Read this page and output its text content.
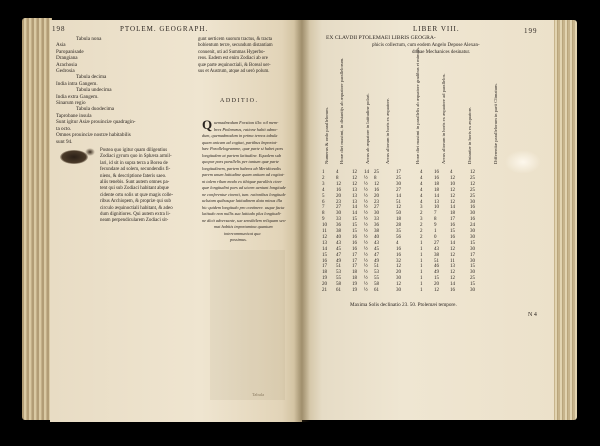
198	PTOLEM. GEOGRAPH.
Tabula nona
Asia
Paropanisade
Drangiana
Arachosia
Gedrosia
Tabula decima
India intra Gangem.
Tabula undecima
India extra Gangem.
Sinarum regio
Tabula duodecima
Taprobane insula
Sunt igitur Asiæ prouinciæ quadragin-
ta octo.
Omnes prouinciæ nostræ habitabilis
sunt 94.
Postea quo igitur quam diligentius
Zodiaci gyrum quo in Sphæra armil-
lari, id sit in supra terra a Borea de
fecundare ad solem, secundendis fi-
niens, & descriptione fateris saeo.
aliis tenebis. Sunt autem omnes pa-
tent qui sub Zodiaci habitant abque
cidente ortu solis ut quæ magis colle-
ribus Archiopem, & propriæ qui sub
circulo æquinoctiali habitant, & adeo
dum dignitiores. Qui autem extra li-
neam perpendicularem Zodiaci sit-
gunt uerticem suorum tractus, & tracta
bobientum terræ, secundum distantiam
conuenit, uti ad Summas Hyperbo-
reos. Eadem est enim Zodiaci ab ore
quæ parte æquinoctiali, & Boreal uer-
sus et Austrum, atque ad uerò polum.
ADDITIO.
Q uemadmodum Forsitan illa: nil mem-
bres Ptolemæus, ratione habit admo-
dum, quemadmodum in prima ternos tabula
quam unicam ad cogitat, partibus lmportat-
hæc Parallelogramme, quæ parte si habet pars
longitudem at partem latitudine. Equalem sub
quopur pars parallelis per tantum quæ parte
longitudinem, partem habens ab Meridionalis
parem unum latitudine quam unitam ad cogitat-
nt talem rilum modo ex tibiquæ paralleis cinn-
quæ longitudini pars ad uicem ueniunt longitude
ne conferentur cinenti, tum. rationibus longitude
uclutam quibusque latitudinem data minus illa
hic quidem longitudo pro continere. usque facta
latitudo non nullis sua latitudo plus longitudi-
ne dicit adversante, sue sensibilem reliquam sex-
mat habitis importamina quantum
intercommunicat qua
possimus.
Tabula
LIBER VIII.	199
EX CLAVDII PTOLEMAEI LIBRIS GEOGRA-
phicis collectum, cum eodem Angelo Depose Alexan-
drinae Mechanices desinatur.
Numerus & ordo parallelorum. Horæ diei maximi, in distantijs ab æquatore parallelorum.	Arcus ab æquatore in latitudine polari.	Arcus aliorum in horis ex æquatore.	Horæ diei maximi in parallelis ab æquatore gradibus et minutis.	Arcus aliorum in horis ex æquatore ad parallelos.	Distantiæ in horis ex æquatore.	Differentiæ parallelorum in parti Climatum.
1 4	12 14 25	17	4 16 4	12
2 8	12 ½ 8	25	4 16 12	25
3 12 12 ½ 12	30	4 18 10	12
4 16 13 ½ 16	27	4 18 12	25
5 20 13 ½ 20	14	4 14 12	25
6 23 13 ½ 23	51	4 13 12	30
7 27 14 ½ 27	12	3 10 14	16
8 30 14 ½ 30	50	2 7	18	30
9 33 15 ½ 33	18	3 8	17	16
10 36 15 ½ 36	28	2 9	16	24
11 38 15 ½ 38	35	2 1	15	30
12 40 16 ½ 40	56	2 0	16	30
13 43 16 ½ 43	4	1 27 14	15
14 45 16 ½ 45	16	1 43 12	30
15 47 17 ½ 47	16	1 38 12	17
16 49 17 ½ 49	32	1 51 11	30
17 51 17 ½ 51	12	1 46 13	15
18 53 18 ½ 53	20	1 49 12	30
19 55 18 ½ 55	30	1 15 12	25
20 58 19 ½ 58	12	1 20 14	15
21 61 19 ½ 61	30	1 12 16	30
Maxima Solis declinatio 23. 50. Ptolemæi tempore.
N 4
